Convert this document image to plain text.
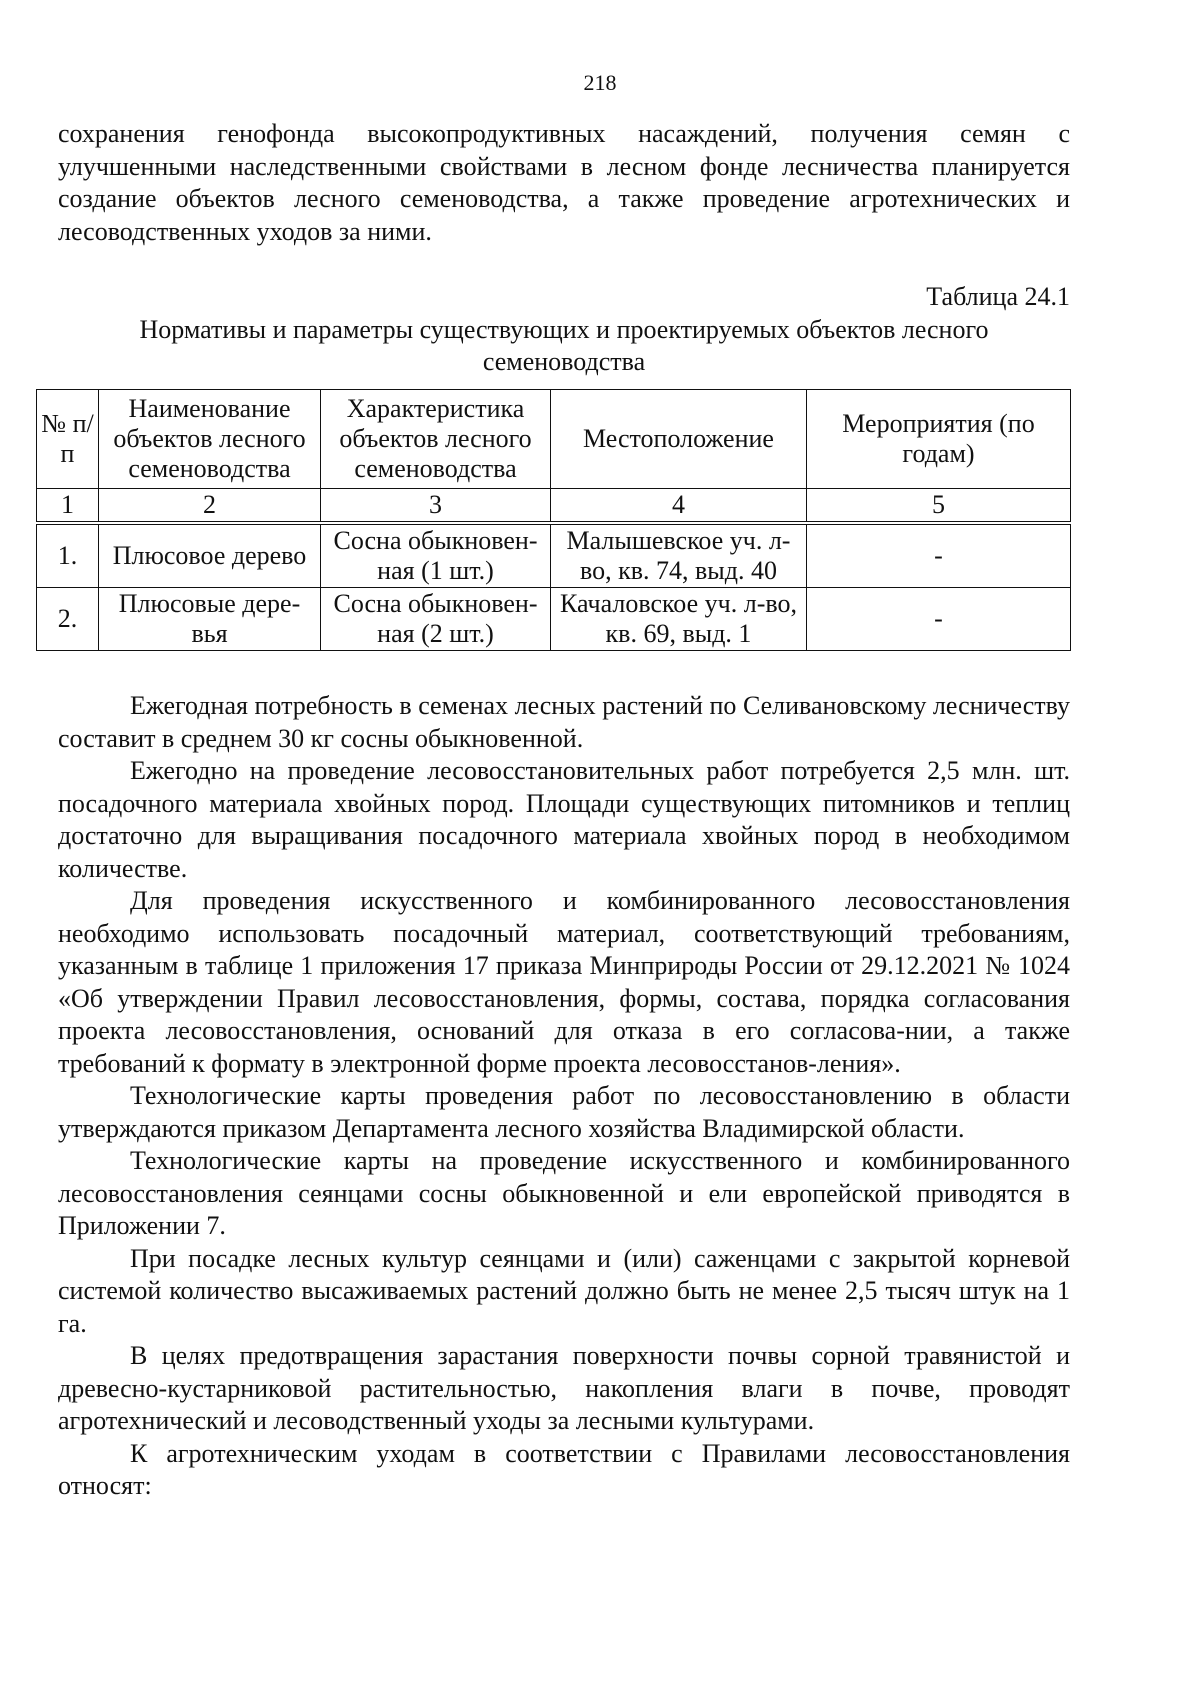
218
сохранения генофонда высокопродуктивных насаждений, получения семян с улучшенными наследственными свойствами в лесном фонде лесничества планируется создание объектов лесного семеноводства, а также проведение агротехнических и лесоводственных уходов за ними.
Таблица 24.1
Нормативы и параметры существующих и проектируемых объектов лесного семеноводства
№ п/п	Наименование объектов лесного семеноводства	Характеристика объектов лесного семеноводства	Местоположение	Мероприятия (по годам)
1	2	3	4	5
1.	Плюсовое дерево	Сосна обыкновен-ная (1 шт.)	Малышевское уч. л-во, кв. 74, выд. 40	-
2.	Плюсовые дере-вья	Сосна обыкновен-ная (2 шт.)	Качаловское уч. л-во, кв. 69, выд. 1	-

Ежегодная потребность в семенах лесных растений по Селивановскому лесничеству составит в среднем 30 кг сосны обыкновенной.

Ежегодно на проведение лесовосстановительных работ потребуется 2,5 млн. шт. посадочного материала хвойных пород. Площади существующих питомников и теплиц достаточно для выращивания посадочного материала хвойных пород в необходимом количестве.

Для проведения искусственного и комбинированного лесовосстановления необходимо использовать посадочный материал, соответствующий требованиям, указанным в таблице 1 приложения 17 приказа Минприроды России от 29.12.2021 № 1024 «Об утверждении Правил лесовосстановления, формы, состава, порядка согласования проекта лесовосстановления, оснований для отказа в его согласова-нии, а также требований к формату в электронной форме проекта лесовосстанов-ления».

Технологические карты проведения работ по лесовосстановлению в области утверждаются приказом Департамента лесного хозяйства Владимирской области.

Технологические карты на проведение искусственного и комбинированного лесовосстановления сеянцами сосны обыкновенной и ели европейской приводятся в Приложении 7.

При посадке лесных культур сеянцами и (или) саженцами с закрытой корневой системой количество высаживаемых растений должно быть не менее 2,5 тысяч штук на 1 га.

В целях предотвращения зарастания поверхности почвы сорной травянистой и древесно-кустарниковой растительностью, накопления влаги в почве, проводят агротехнический и лесоводственный уходы за лесными культурами.

К агротехническим уходам в соответствии с Правилами лесовосстановления относят:
